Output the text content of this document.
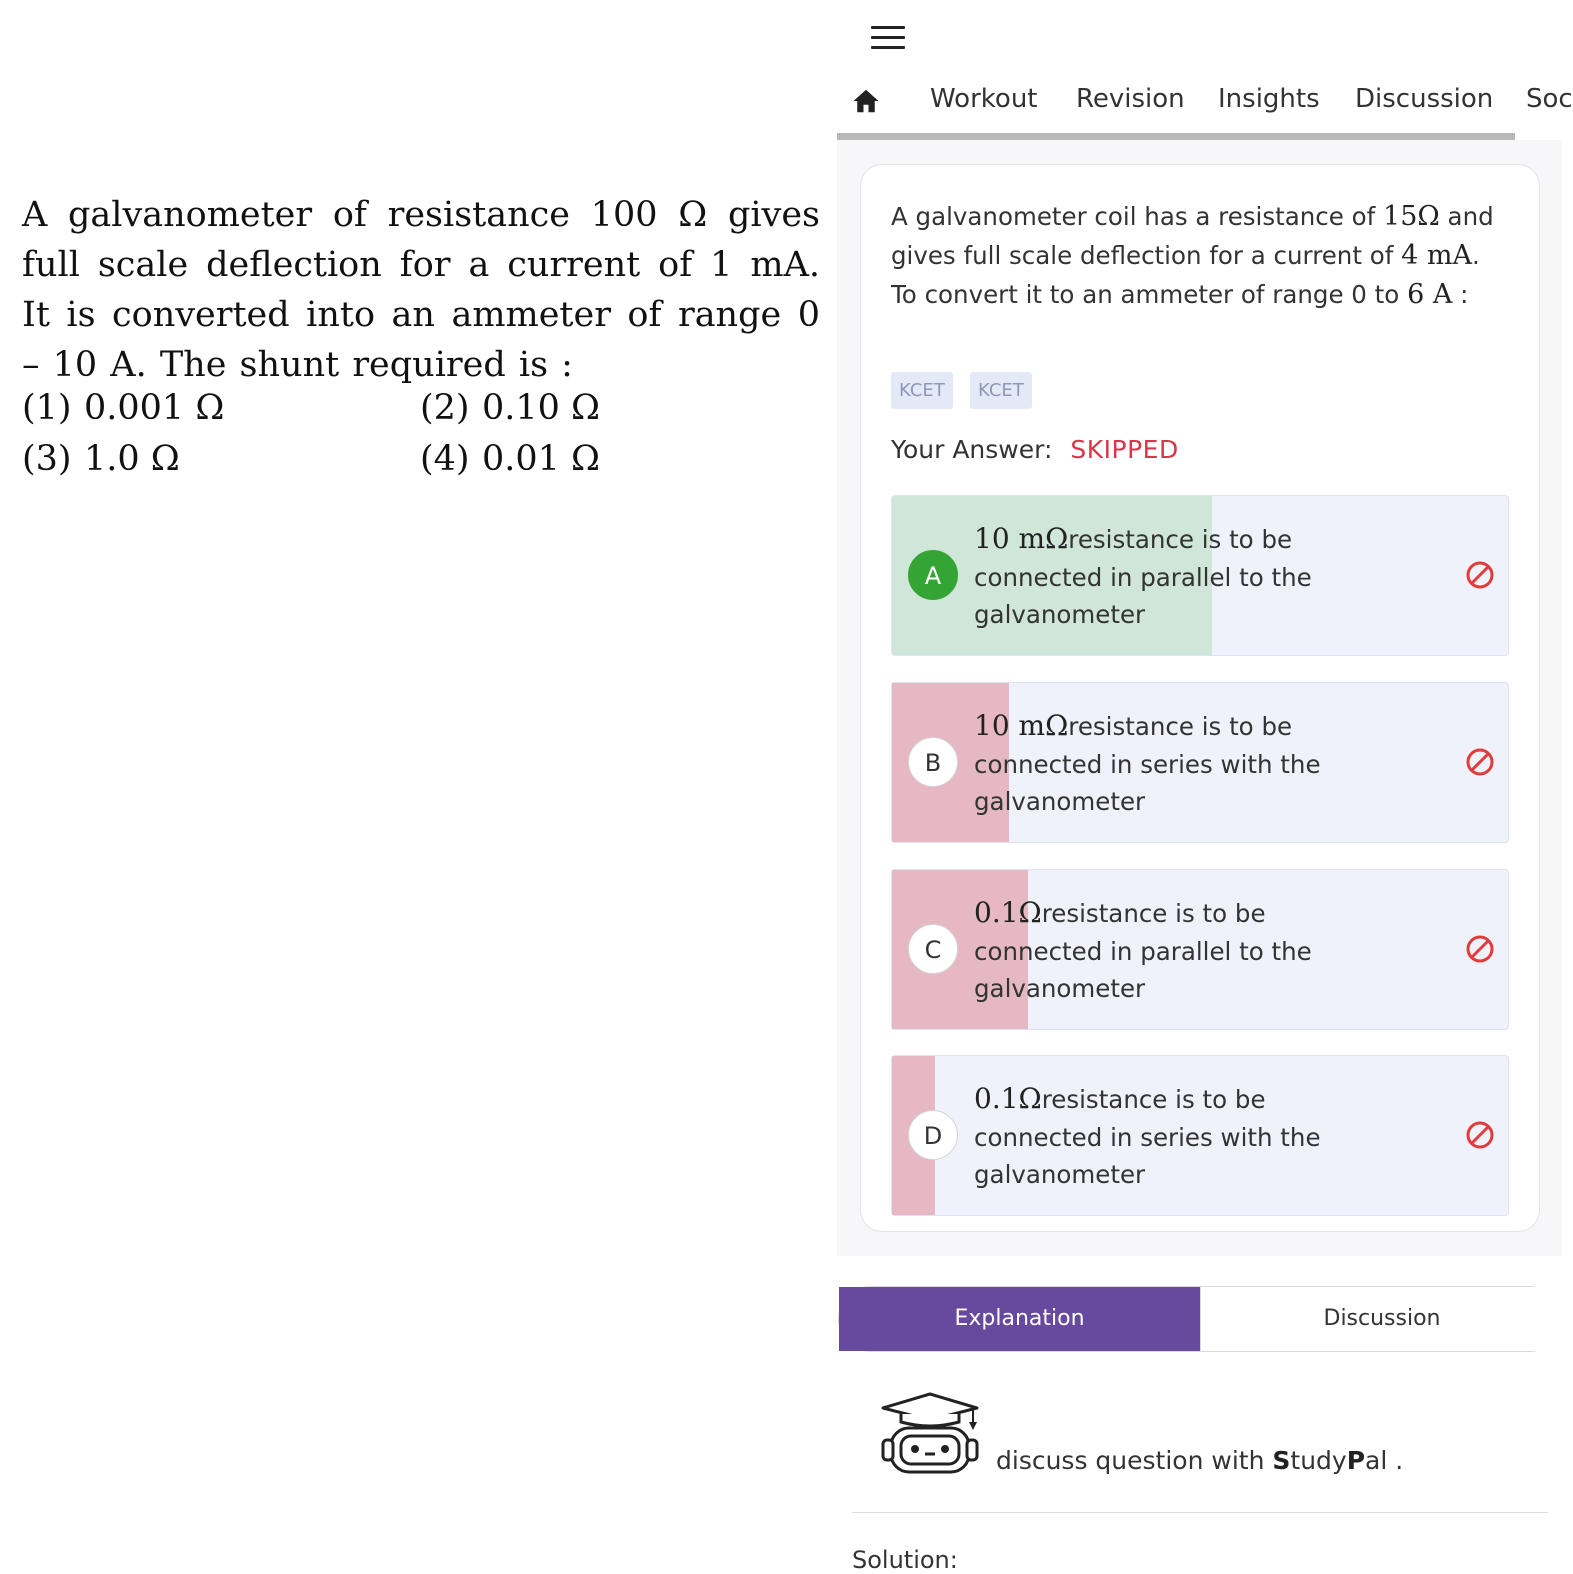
A galvanometer of resistance 100 Ω gives full scale deflection for a current of 1 mA. It is converted into an ammeter of range 0 – 10 A. The shunt required is :
(1) 0.001 Ω	(2) 0.10 Ω
(3) 1.0 Ω	(4) 0.01 Ω
Workout Revision Insights Discussion Soc
A galvanometer coil has a resistance of 15Ω and gives full scale deflection for a current of 4 mA. To convert it to an ammeter of range 0 to 6 A :
KCET	KCET
Your Answer: SKIPPED
A
10 mΩresistance is to be connected in parallel to the galvanometer
B
10 mΩresistance is to be connected in series with the galvanometer
C
0.1Ωresistance is to be connected in parallel to the galvanometer
D
0.1Ωresistance is to be connected in series with the galvanometer
Explanation	Discussion
discuss question with StudyPal .
Solution:
